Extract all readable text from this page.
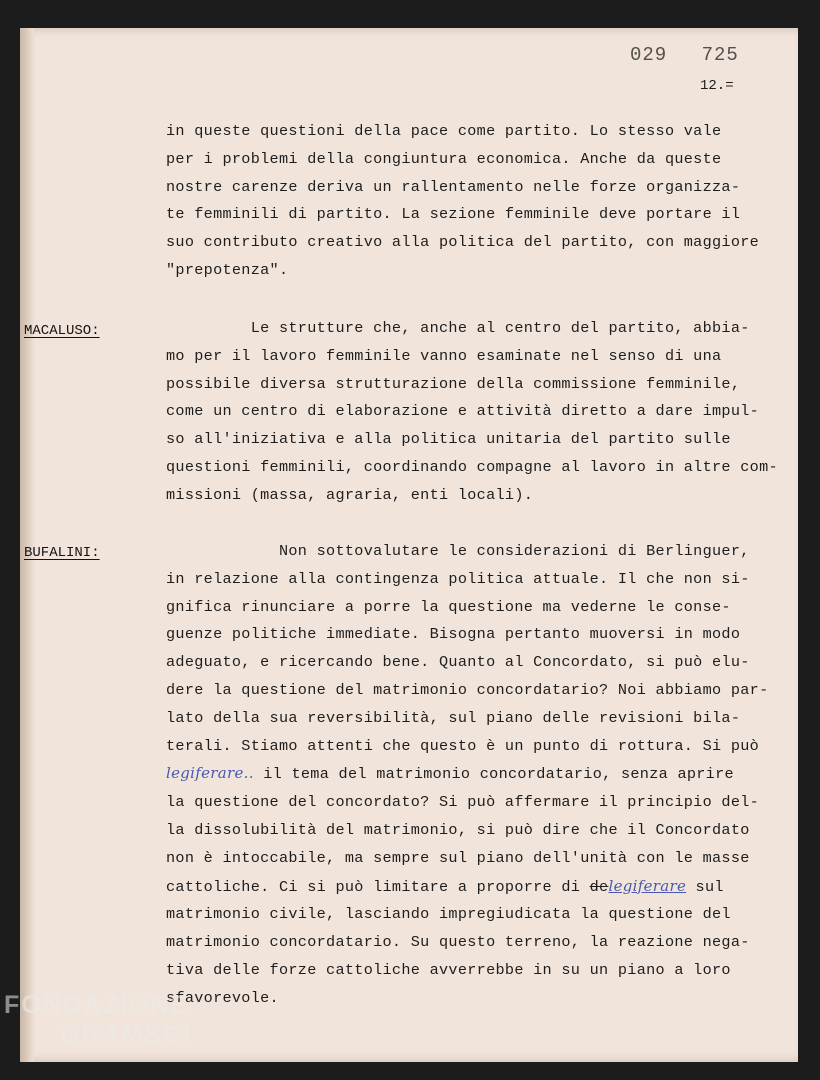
029 725
12.=
in queste questioni della pace come partito. Lo stesso vale
per i problemi della congiuntura economica. Anche da queste
nostre carenze deriva un rallentamento nelle forze organizza-
te femminili di partito. La sezione femminile deve portare il
suo contributo creativo alla politica del partito, con maggiore
"prepotenza".
MACALUSO:	Le strutture che, anche al centro del partito, abbia-
mo per il lavoro femminile vanno esaminate nel senso di una
possibile diversa strutturazione della commissione femminile,
come un centro di elaborazione e attività diretto a dare impul-
so all'iniziativa e alla politica unitaria del partito sulle
questioni femminili, coordinando compagne al lavoro in altre com-
missioni (massa, agraria, enti locali).
BUFALINI:	Non sottovalutare le considerazioni di Berlinguer,
in relazione alla contingenza politica attuale. Il che non si-
gnifica rinunciare a porre la questione ma vederne le conse-
guenze politiche immediate. Bisogna pertanto muoversi in modo
adeguato, e ricercando bene. Quanto al Concordato, si può elu-
dere la questione del matrimonio concordatario? Noi abbiamo par-
lato della sua reversibilità, sul piano delle revisioni bila-
terali. Stiamo attenti che questo è un punto di rottura. Si può
legiferare.. il tema del matrimonio concordatario, senza aprire
la questione del concordato? Si può affermare il principio del-
la dissolubilità del matrimonio, si può dire che il Concordato
non è intoccabile, ma sempre sul piano dell'unità con le masse
cattoliche. Ci si può limitare a proporre di delegiferare sul
matrimonio civile, lasciando impregiudicata la questione del
matrimonio concordatario. Su questo terreno, la reazione nega-
tiva delle forze cattoliche avverrebbe in su un piano a loro
sfavorevole.
FONDAZIONE
GRAMSCI
